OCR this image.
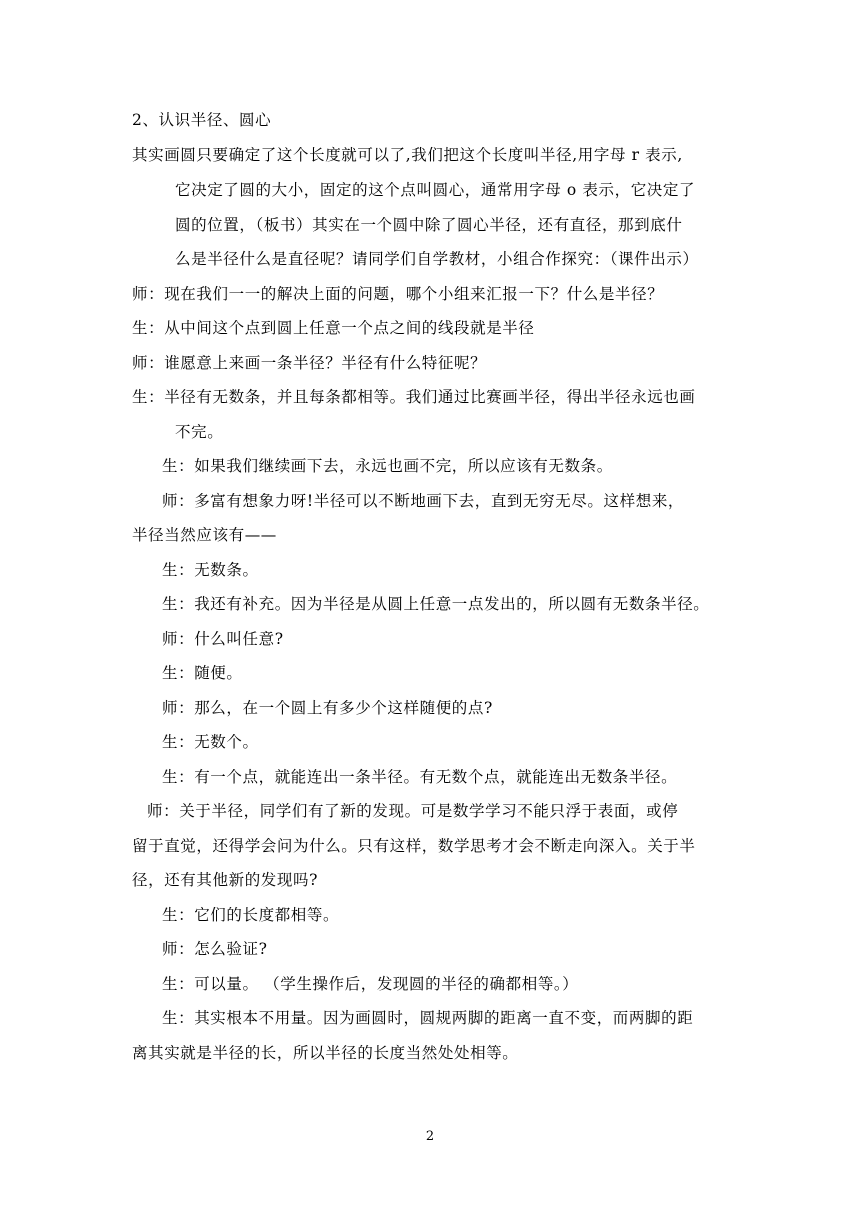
2、认识半径、圆心
其实画圆只要确定了这个长度就可以了,我们把这个长度叫半径,用字母 r 表示,
它决定了圆的大小，固定的这个点叫圆心，通常用字母 o 表示，它决定了
圆的位置，（板书）其实在一个圆中除了圆心半径，还有直径，那到底什
么是半径什么是直径呢？请同学们自学教材，小组合作探究：（课件出示）
师：现在我们一一的解决上面的问题，哪个小组来汇报一下？什么是半径？
生：从中间这个点到圆上任意一个点之间的线段就是半径
师：谁愿意上来画一条半径？半径有什么特征呢？
生：半径有无数条，并且每条都相等。我们通过比赛画半径，得出半径永远也画
不完。
生：如果我们继续画下去，永远也画不完，所以应该有无数条。
师：多富有想象力呀!半径可以不断地画下去，直到无穷无尽。这样想来，
半径当然应该有——
生：无数条。
生：我还有补充。因为半径是从圆上任意一点发出的，所以圆有无数条半径。
师：什么叫任意?
生：随便。
师：那么，在一个圆上有多少个这样随便的点?
生：无数个。
生：有一个点，就能连出一条半径。有无数个点，就能连出无数条半径。
师：关于半径，同学们有了新的发现。可是数学学习不能只浮于表面，或停
留于直觉，还得学会问为什么。只有这样，数学思考才会不断走向深入。关于半
径，还有其他新的发现吗?
生：它们的长度都相等。
师：怎么验证?
生：可以量。 （学生操作后，发现圆的半径的确都相等。）
生：其实根本不用量。因为画圆时，圆规两脚的距离一直不变，而两脚的距
离其实就是半径的长，所以半径的长度当然处处相等。
2
